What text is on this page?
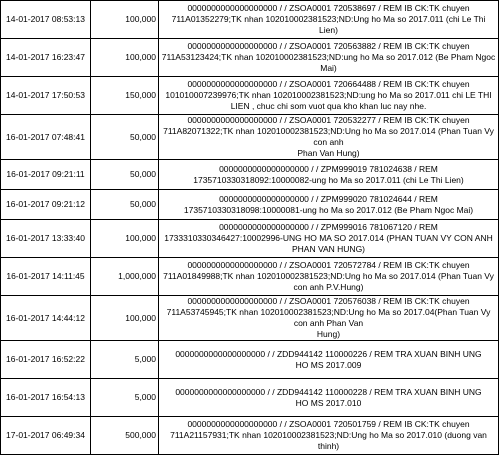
14-01-2017 08:53:13	100,000	0000000000000000000 / / ZSOA0001 720538697 / REM IB CK:TK chuyen
711A01352279;TK nhan 102010002381523;ND:Ung ho Ma so 2017.011 (chi Le Thi Lien)

14-01-2017 16:23:47	100,000	0000000000000000000 / / ZSOA0001 720563882 / REM IB CK:TK chuyen
711A53123424;TK nhan 102010002381523;ND:ung ho Ma so 2017.012 (Be Pham Ngoc
Mai)

14-01-2017 17:50:53	150,000	0000000000000000000 / / ZSOA0001 720664488 / REM IB CK:TK chuyen
101010007239976;TK nhan 102010002381523;ND:ung ho Ma so 2017.011 chi LE THI
LIEN , chuc chi som vuot qua kho khan luc nay nhe.

16-01-2017 07:48:41	50,000	0000000000000000000 / / ZSOA0001 720532277 / REM IB CK:TK chuyen
711A82071322;TK nhan 102010002381523;ND:Ung ho Ma so 2017.014 (Phan Tuan Vy con anh
Phan Van Hung)

16-01-2017 09:21:11	50,000	0000000000000000000 / / ZPM999019 781024638 / REM
1735710330318092:10000082-ung ho Ma so 2017.011 (chi Le Thi Lien)

16-01-2017 09:21:12	50,000	0000000000000000000 / / ZPM999020 781024644 / REM
1735710330318098:10000081-ung ho Ma so 2017.012 (Be Pham Ngoc Mai)

16-01-2017 13:33:40	100,000	0000000000000000000 / / ZPM999016 781067120 / REM
1733310330346427:10002996-UNG HO MA SO 2017.014 (PHAN TUAN VY CON ANH
PHAN VAN HUNG)

16-01-2017 14:11:45	1,000,000	0000000000000000000 / / ZSOA0001 720572784 / REM IB CK:TK chuyen
711A01849988;TK nhan 102010002381523;ND:Ung ho Ma so 2017.014 (Phan Tuan Vy
con anh P.V.Hung)

16-01-2017 14:44:12	100,000	0000000000000000000 / / ZSOA0001 720576038 / REM IB CK:TK chuyen
711A53745945;TK nhan 102010002381523;ND:Ung ho Ma so 2017.04(Phan Tuan Vy con anh Phan Van
Hung)

16-01-2017 16:52:22	5,000	0000000000000000000 / / ZDD944142 110000226 / REM TRA XUAN BINH UNG
HO MS 2017.009

16-01-2017 16:54:13	5,000	0000000000000000000 / / ZDD944142 110000228 / REM TRA XUAN BINH UNG
HO MS 2017.010

17-01-2017 06:49:34	500,000	0000000000000000000 / / ZSOA0001 720501759 / REM IB CK:TK chuyen
711A21157931;TK nhan 102010002381523;ND:Ung ho Ma so 2017.010 (duong van thinh)
